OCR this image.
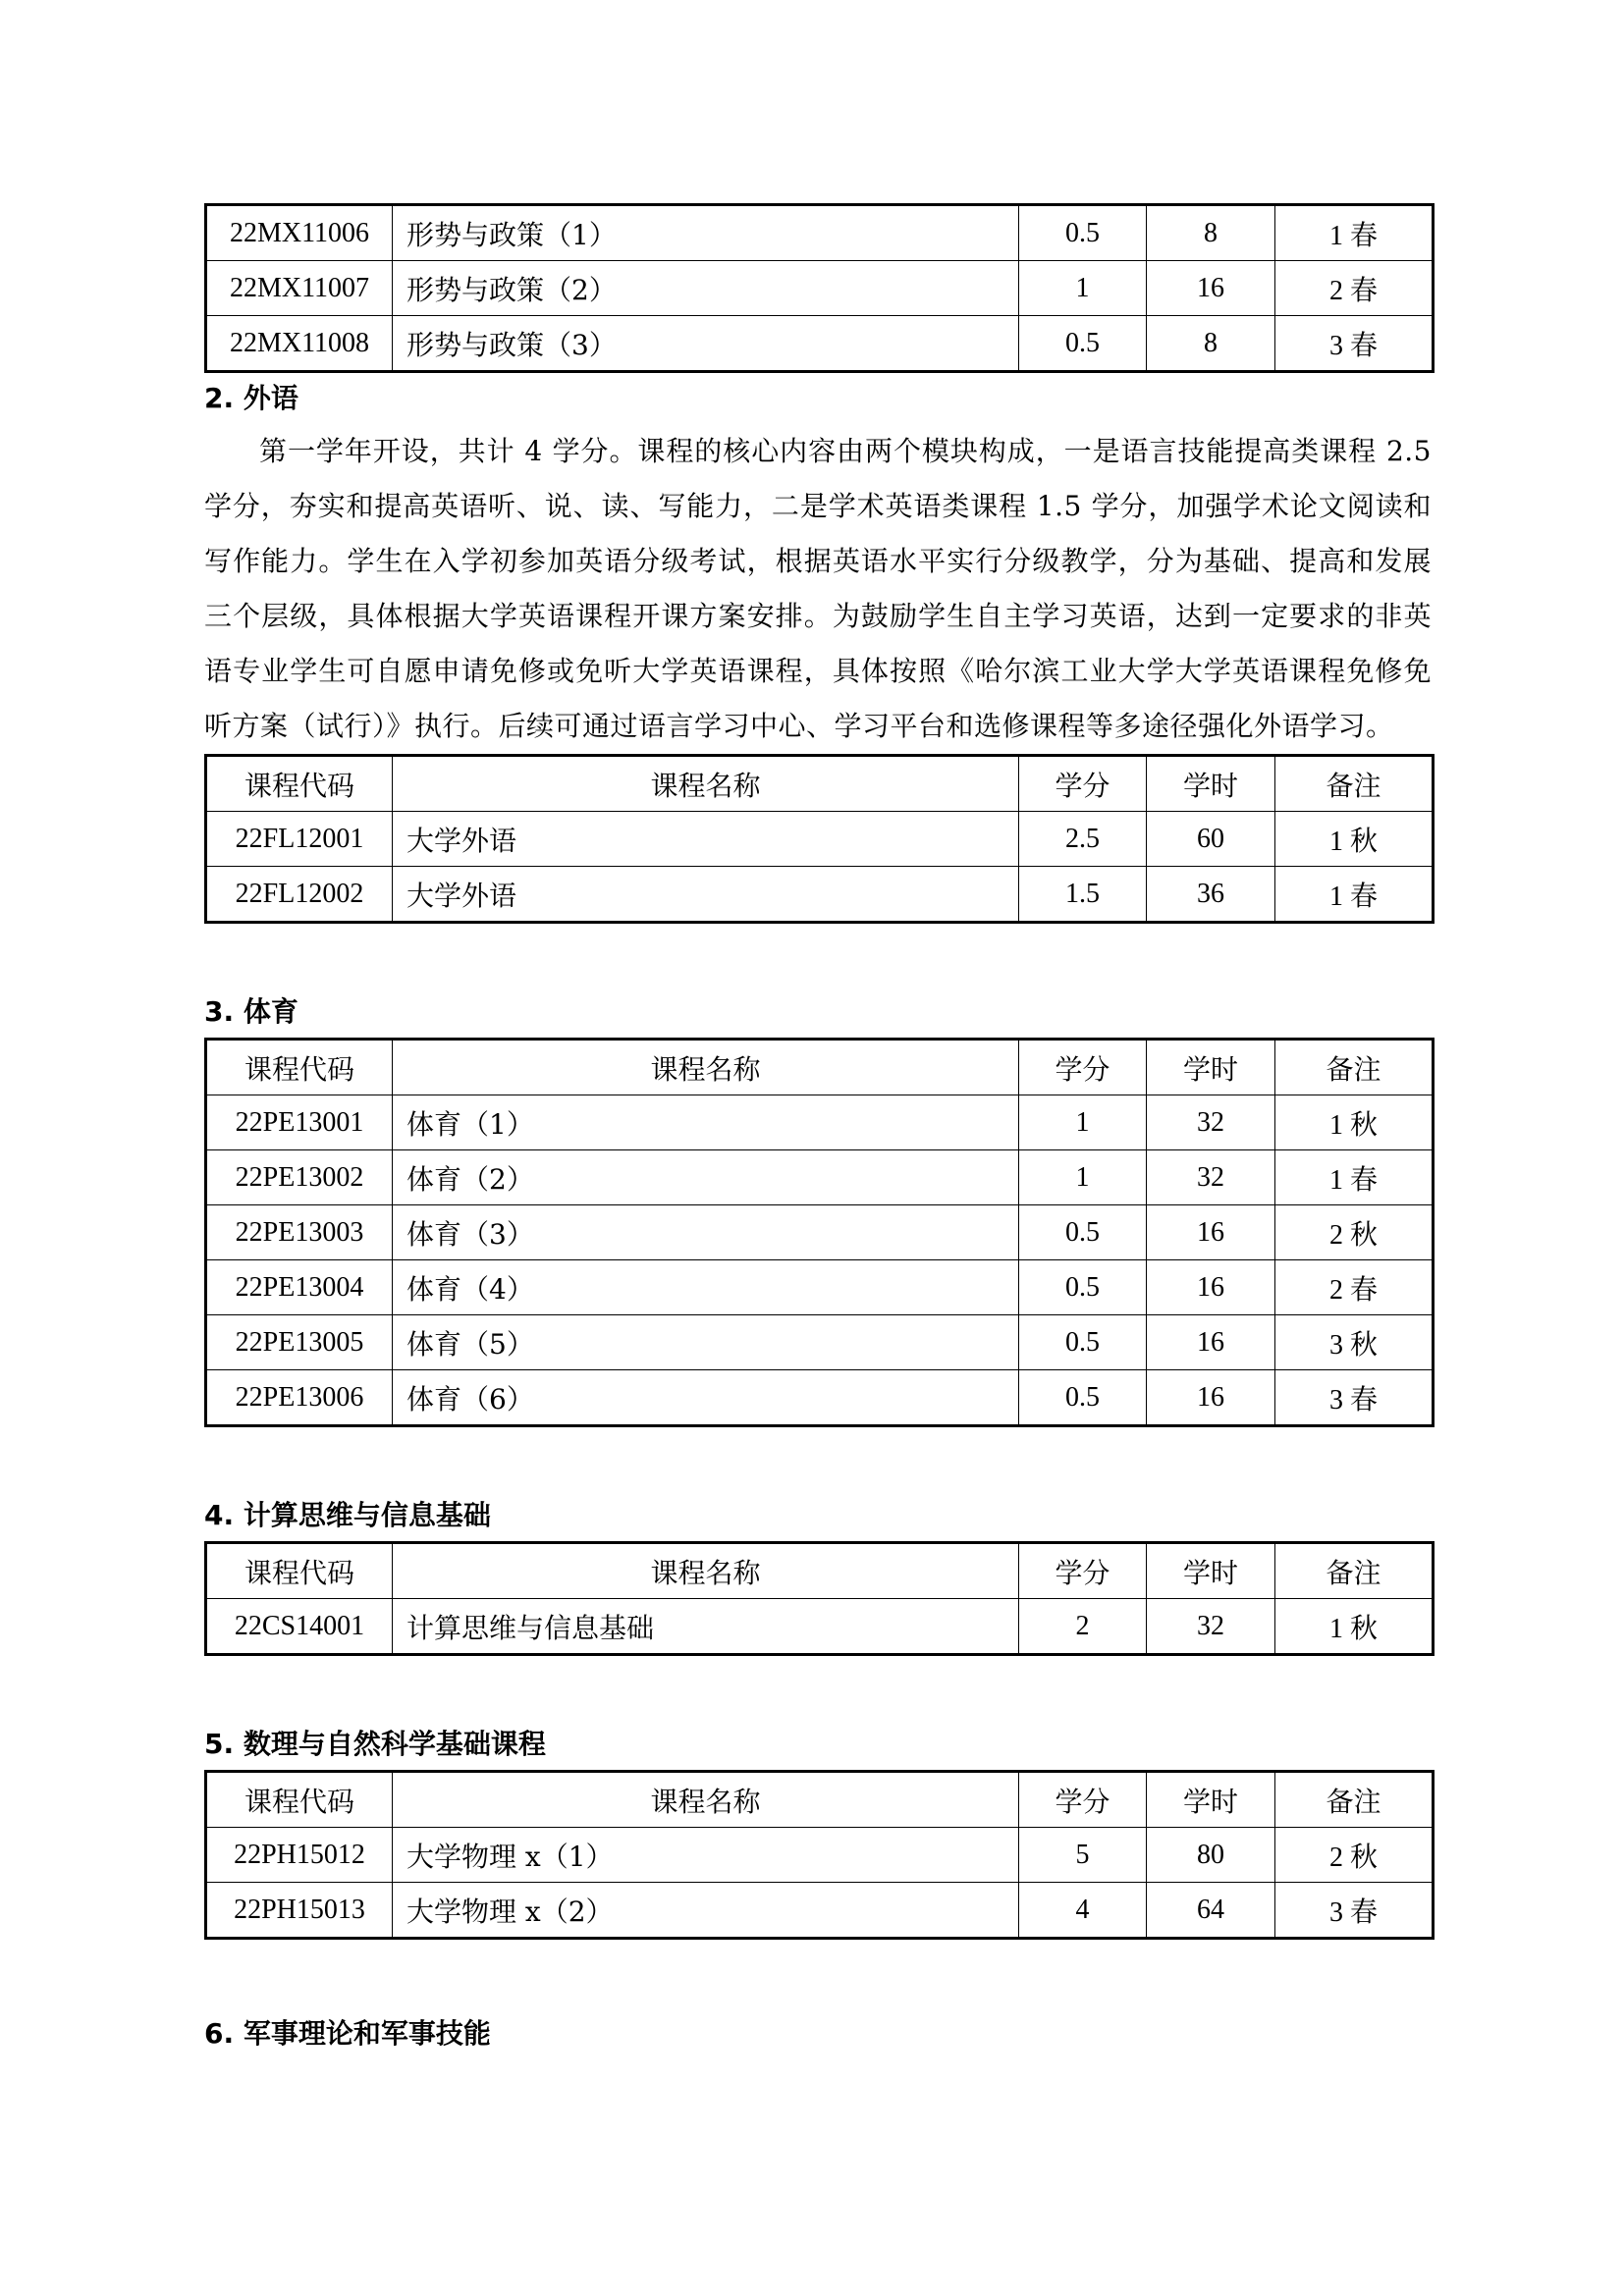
22MX11006	形势与政策（1）	0.5	8	1 春
22MX11007	形势与政策（2）	1	16	2 春
22MX11008	形势与政策（3）	0.5	8	3 春
2. 外语

第一学年开设，共计 4 学分。课程的核心内容由两个模块构成，一是语言技能提高类课程 2.5 学分，夯实和提高英语听、说、读、写能力，二是学术英语类课程 1.5 学分，加强学术论文阅读和写作能力。学生在入学初参加英语分级考试，根据英语水平实行分级教学，分为基础、提高和发展三个层级，具体根据大学英语课程开课方案安排。为鼓励学生自主学习英语，达到一定要求的非英语专业学生可自愿申请免修或免听大学英语课程，具体按照《哈尔滨工业大学大学英语课程免修免听方案（试行）》执行。后续可通过语言学习中心、学习平台和选修课程等多途径强化外语学习。

课程代码	课程名称	学分	学时	备注
22FL12001	大学外语	2.5	60	1 秋
22FL12002	大学外语	1.5	36	1 春
3. 体育
课程代码	课程名称	学分	学时	备注
22PE13001	体育（1）	1	32	1 秋
22PE13002	体育（2）	1	32	1 春
22PE13003	体育（3）	0.5	16	2 秋
22PE13004	体育（4）	0.5	16	2 春
22PE13005	体育（5）	0.5	16	3 秋
22PE13006	体育（6）	0.5	16	3 春
4. 计算思维与信息基础
课程代码	课程名称	学分	学时	备注
22CS14001	计算思维与信息基础	2	32	1 秋
5. 数理与自然科学基础课程
课程代码	课程名称	学分	学时	备注
22PH15012	大学物理 x（1）	5	80	2 秋
22PH15013	大学物理 x（2）	4	64	3 春
6. 军事理论和军事技能
